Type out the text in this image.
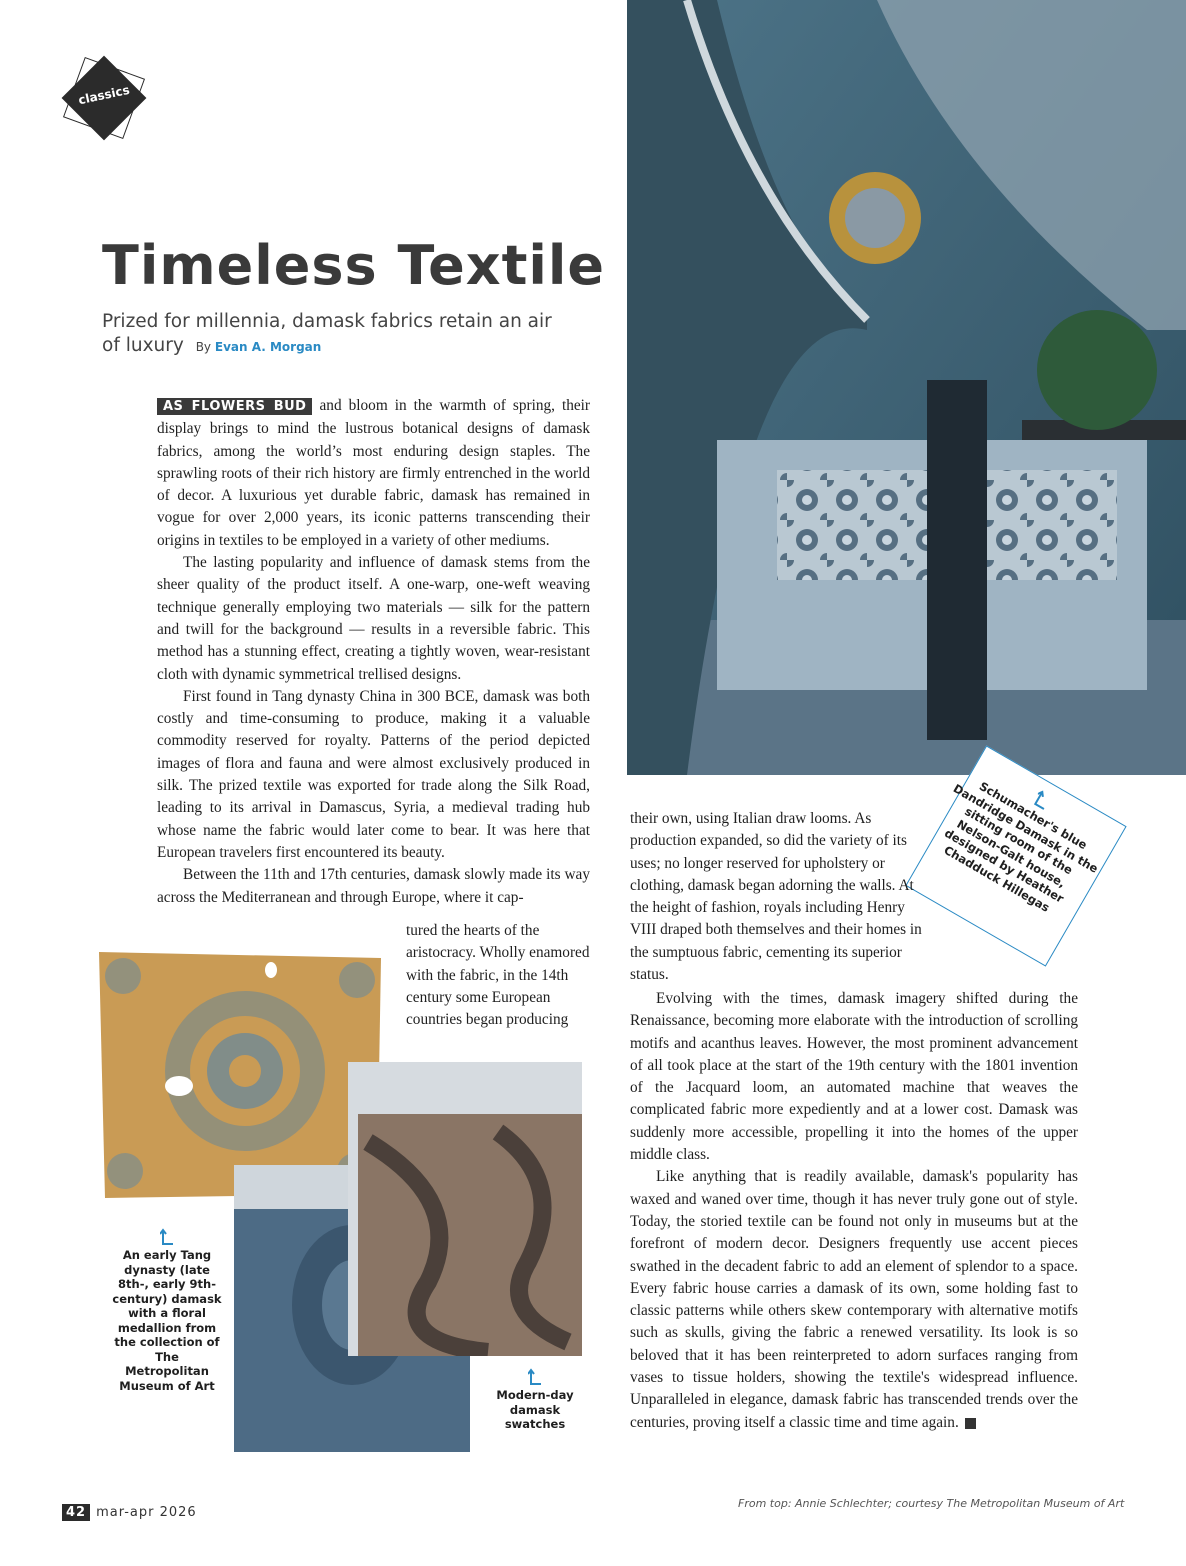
classics
Timeless Textile
Prized for millennia, damask fabrics retain an air of luxury By Evan A. Morgan

AS FLOWERS BUD and bloom in the warmth of spring, their display brings to mind the lustrous botanical designs of damask fabrics, among the world’s most enduring design staples. The sprawling roots of their rich history are firmly entrenched in the world of decor. A luxurious yet durable fabric, damask has remained in vogue for over 2,000 years, its iconic patterns transcending their origins in textiles to be employed in a variety of other mediums.

The lasting popularity and influence of damask stems from the sheer quality of the product itself. A one-warp, one-weft weaving technique generally employing two materials — silk for the pattern and twill for the background — results in a reversible fabric. This method has a stunning effect, creating a tightly woven, wear-resistant cloth with dynamic symmetrical trellised designs.

First found in Tang dynasty China in 300 BCE, damask was both costly and time-consuming to produce, making it a valuable commodity reserved for royalty. Patterns of the period depicted images of flora and fauna and were almost exclusively produced in silk. The prized textile was exported for trade along the Silk Road, leading to its arrival in Damascus, Syria, a medieval trading hub whose name the fabric would later come to bear. It was here that European travelers first encountered its beauty.

Between the 11th and 17th centuries, damask slowly made its way across the Mediterranean and through Europe, where it cap-

tured the hearts of the aristocracy. Wholly enamored with the fabric, in the 14th century some European countries began producing

An early Tang dynasty (late 8th-, early 9th-century) damask with a floral medallion from the collection of The Metropolitan Museum of Art
Modern-day damask swatches
Schumacher's blue Dandridge Damask in the sitting room of the Nelson-Galt house, designed by Heather Chadduck Hillegas

their own, using Italian draw looms. As production expanded, so did the variety of its uses; no longer reserved for upholstery or clothing, damask began adorning the walls. At the height of fashion, royals including Henry VIII draped both themselves and their homes in the sumptuous fabric, cementing its superior status.

Evolving with the times, damask imagery shifted during the Renaissance, becoming more elaborate with the introduction of scrolling motifs and acanthus leaves. However, the most prominent advancement of all took place at the start of the 19th century with the 1801 invention of the Jacquard loom, an automated machine that weaves the complicated fabric more expediently and at a lower cost. Damask was suddenly more accessible, propelling it into the homes of the upper middle class.

Like anything that is readily available, damask's popularity has waxed and waned over time, though it has never truly gone out of style. Today, the storied textile can be found not only in museums but at the forefront of modern decor. Designers frequently use accent pieces swathed in the decadent fabric to add an element of splendor to a space. Every fabric house carries a damask of its own, some holding fast to classic patterns while others skew contemporary with alternative motifs such as skulls, giving the fabric a renewed versatility. Its look is so beloved that it has been reinterpreted to adorn surfaces ranging from vases to tissue holders, showing the textile's widespread influence. Unparalleled in elegance, damask fabric has transcended trends over the centuries, proving itself a classic time and time again.

42 mar-apr 2026
From top: Annie Schlechter; courtesy The Metropolitan Museum of Art
